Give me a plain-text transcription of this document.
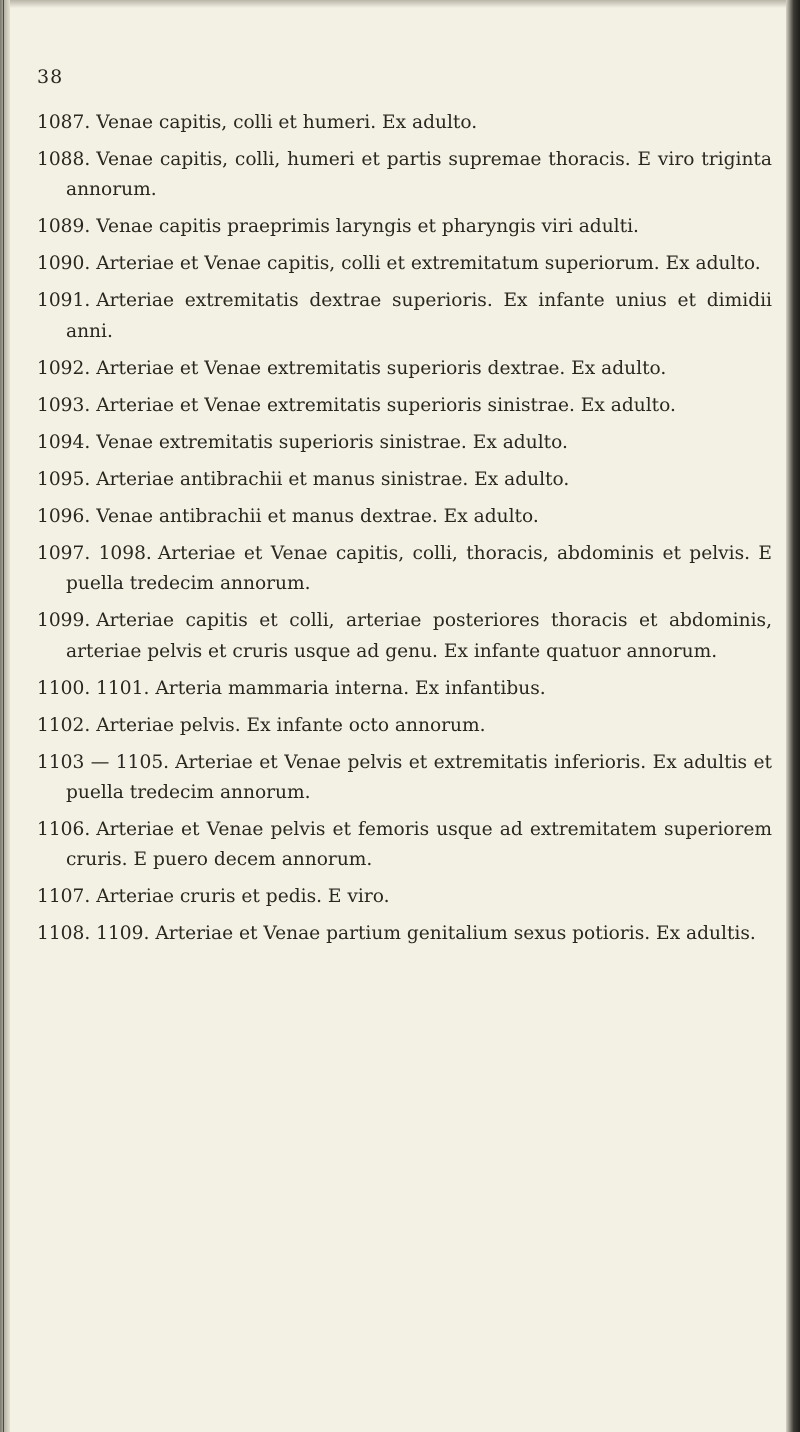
38

1087. Venae capitis, colli et humeri. Ex adulto.

1088. Venae capitis, colli, humeri et partis supremae thoracis. E viro triginta annorum.

1089. Venae capitis praeprimis laryngis et pharyngis viri adulti.

1090. Arteriae et Venae capitis, colli et extremitatum superiorum. Ex adulto.

1091. Arteriae extremitatis dextrae superioris. Ex infante unius et dimidii anni.

1092. Arteriae et Venae extremitatis superioris dextrae. Ex adulto.

1093. Arteriae et Venae extremitatis superioris sinistrae. Ex adulto.

1094. Venae extremitatis superioris sinistrae. Ex adulto.

1095. Arteriae antibrachii et manus sinistrae. Ex adulto.

1096. Venae antibrachii et manus dextrae. Ex adulto.

1097. 1098. Arteriae et Venae capitis, colli, thoracis, abdominis et pelvis. E puella tredecim annorum.

1099. Arteriae capitis et colli, arteriae posteriores thoracis et abdominis, arteriae pelvis et cruris usque ad genu. Ex infante quatuor annorum.

1100. 1101. Arteria mammaria interna. Ex infantibus.

1102. Arteriae pelvis. Ex infante octo annorum.

1103 — 1105. Arteriae et Venae pelvis et extremitatis inferioris. Ex adultis et puella tredecim annorum.

1106. Arteriae et Venae pelvis et femoris usque ad extremitatem superiorem cruris. E puero decem annorum.

1107. Arteriae cruris et pedis. E viro.

1108. 1109. Arteriae et Venae partium genitalium sexus potioris. Ex adultis.
